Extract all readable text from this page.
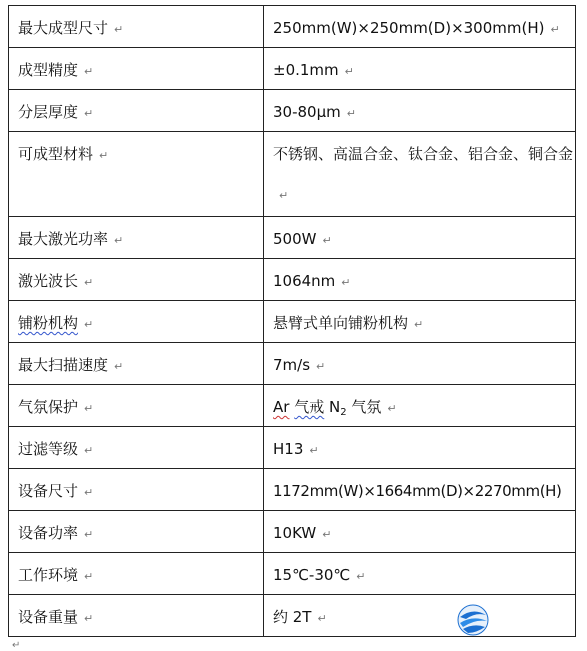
最大成型尺寸 ↵	250mm(W)×250mm(D)×300mm(H) ↵

成型精度 ↵	±0.1mm ↵

分层厚度 ↵	30-80μm ↵

可成型材料 ↵	不锈钢、高温合金、钛合金、铝合金、铜合金↵

最大激光功率 ↵	500W ↵

激光波长 ↵	1064nm ↵

铺粉机构 ↵	悬臂式单向铺粉机构 ↵

最大扫描速度 ↵	7m/s ↵

气氛保护 ↵	Ar 气戒 $N_2$ 气氛 ↵

过滤等级 ↵	H13 ↵

设备尺寸 ↵	1172mm(W)×1664mm(D)×2270mm(H)

设备功率 ↵	10KW ↵

工作环境 ↵	15℃-30℃ ↵

设备重量 ↵	约 2T ↵
↵
